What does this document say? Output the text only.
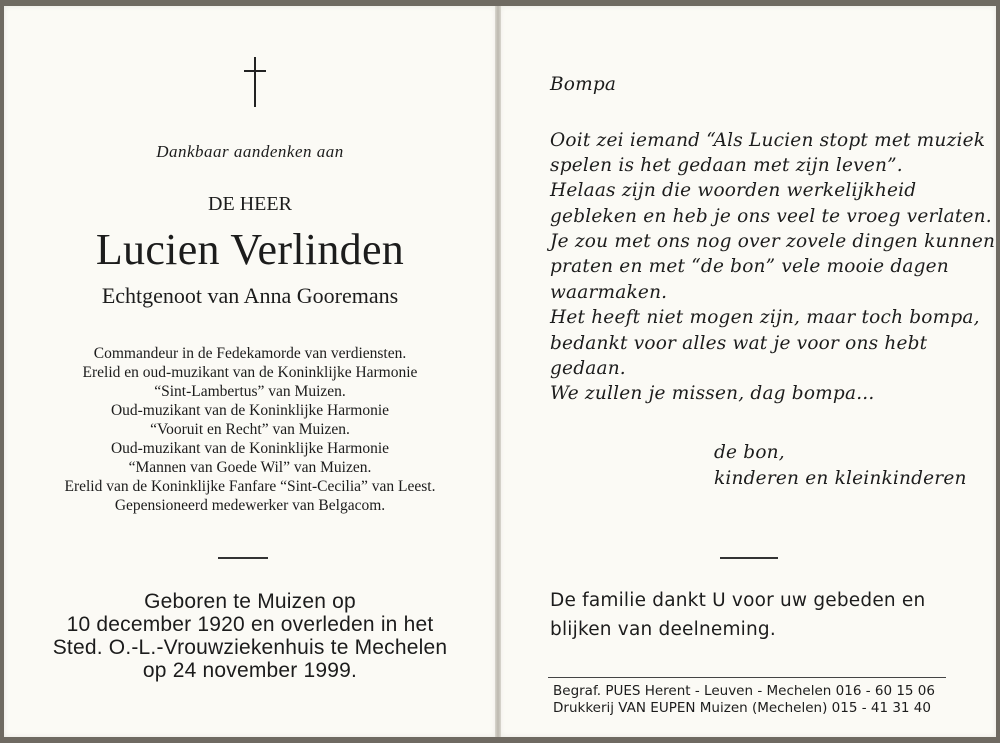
Dankbaar aandenken aan
DE HEER
Lucien Verlinden
Echtgenoot van Anna Gooremans
Commandeur in de Fedekamorde van verdiensten.
Erelid en oud-muzikant van de Koninklijke Harmonie
“Sint-Lambertus” van Muizen.
Oud-muzikant van de Koninklijke Harmonie
“Vooruit en Recht” van Muizen.
Oud-muzikant van de Koninklijke Harmonie
“Mannen van Goede Wil” van Muizen.
Erelid van de Koninklijke Fanfare “Sint-Cecilia” van Leest.
Gepensioneerd medewerker van Belgacom.
Geboren te Muizen op
10 december 1920 en overleden in het
Sted. O.-L.-Vrouwziekenhuis te Mechelen
op 24 november 1999.
Bompa
Ooit zei iemand “Als Lucien stopt met muziek
spelen is het gedaan met zijn leven”.
Helaas zijn die woorden werkelijkheid
gebleken en heb je ons veel te vroeg verlaten.
Je zou met ons nog over zovele dingen kunnen
praten en met “de bon” vele mooie dagen
waarmaken.
Het heeft niet mogen zijn, maar toch bompa,
bedankt voor alles wat je voor ons hebt
gedaan.
We zullen je missen, dag bompa...
de bon,
kinderen en kleinkinderen
De familie dankt U voor uw gebeden en
blijken van deelneming.
Begraf. PUES Herent - Leuven - Mechelen 016 - 60 15 06
Drukkerij VAN EUPEN Muizen (Mechelen) 015 - 41 31 40
